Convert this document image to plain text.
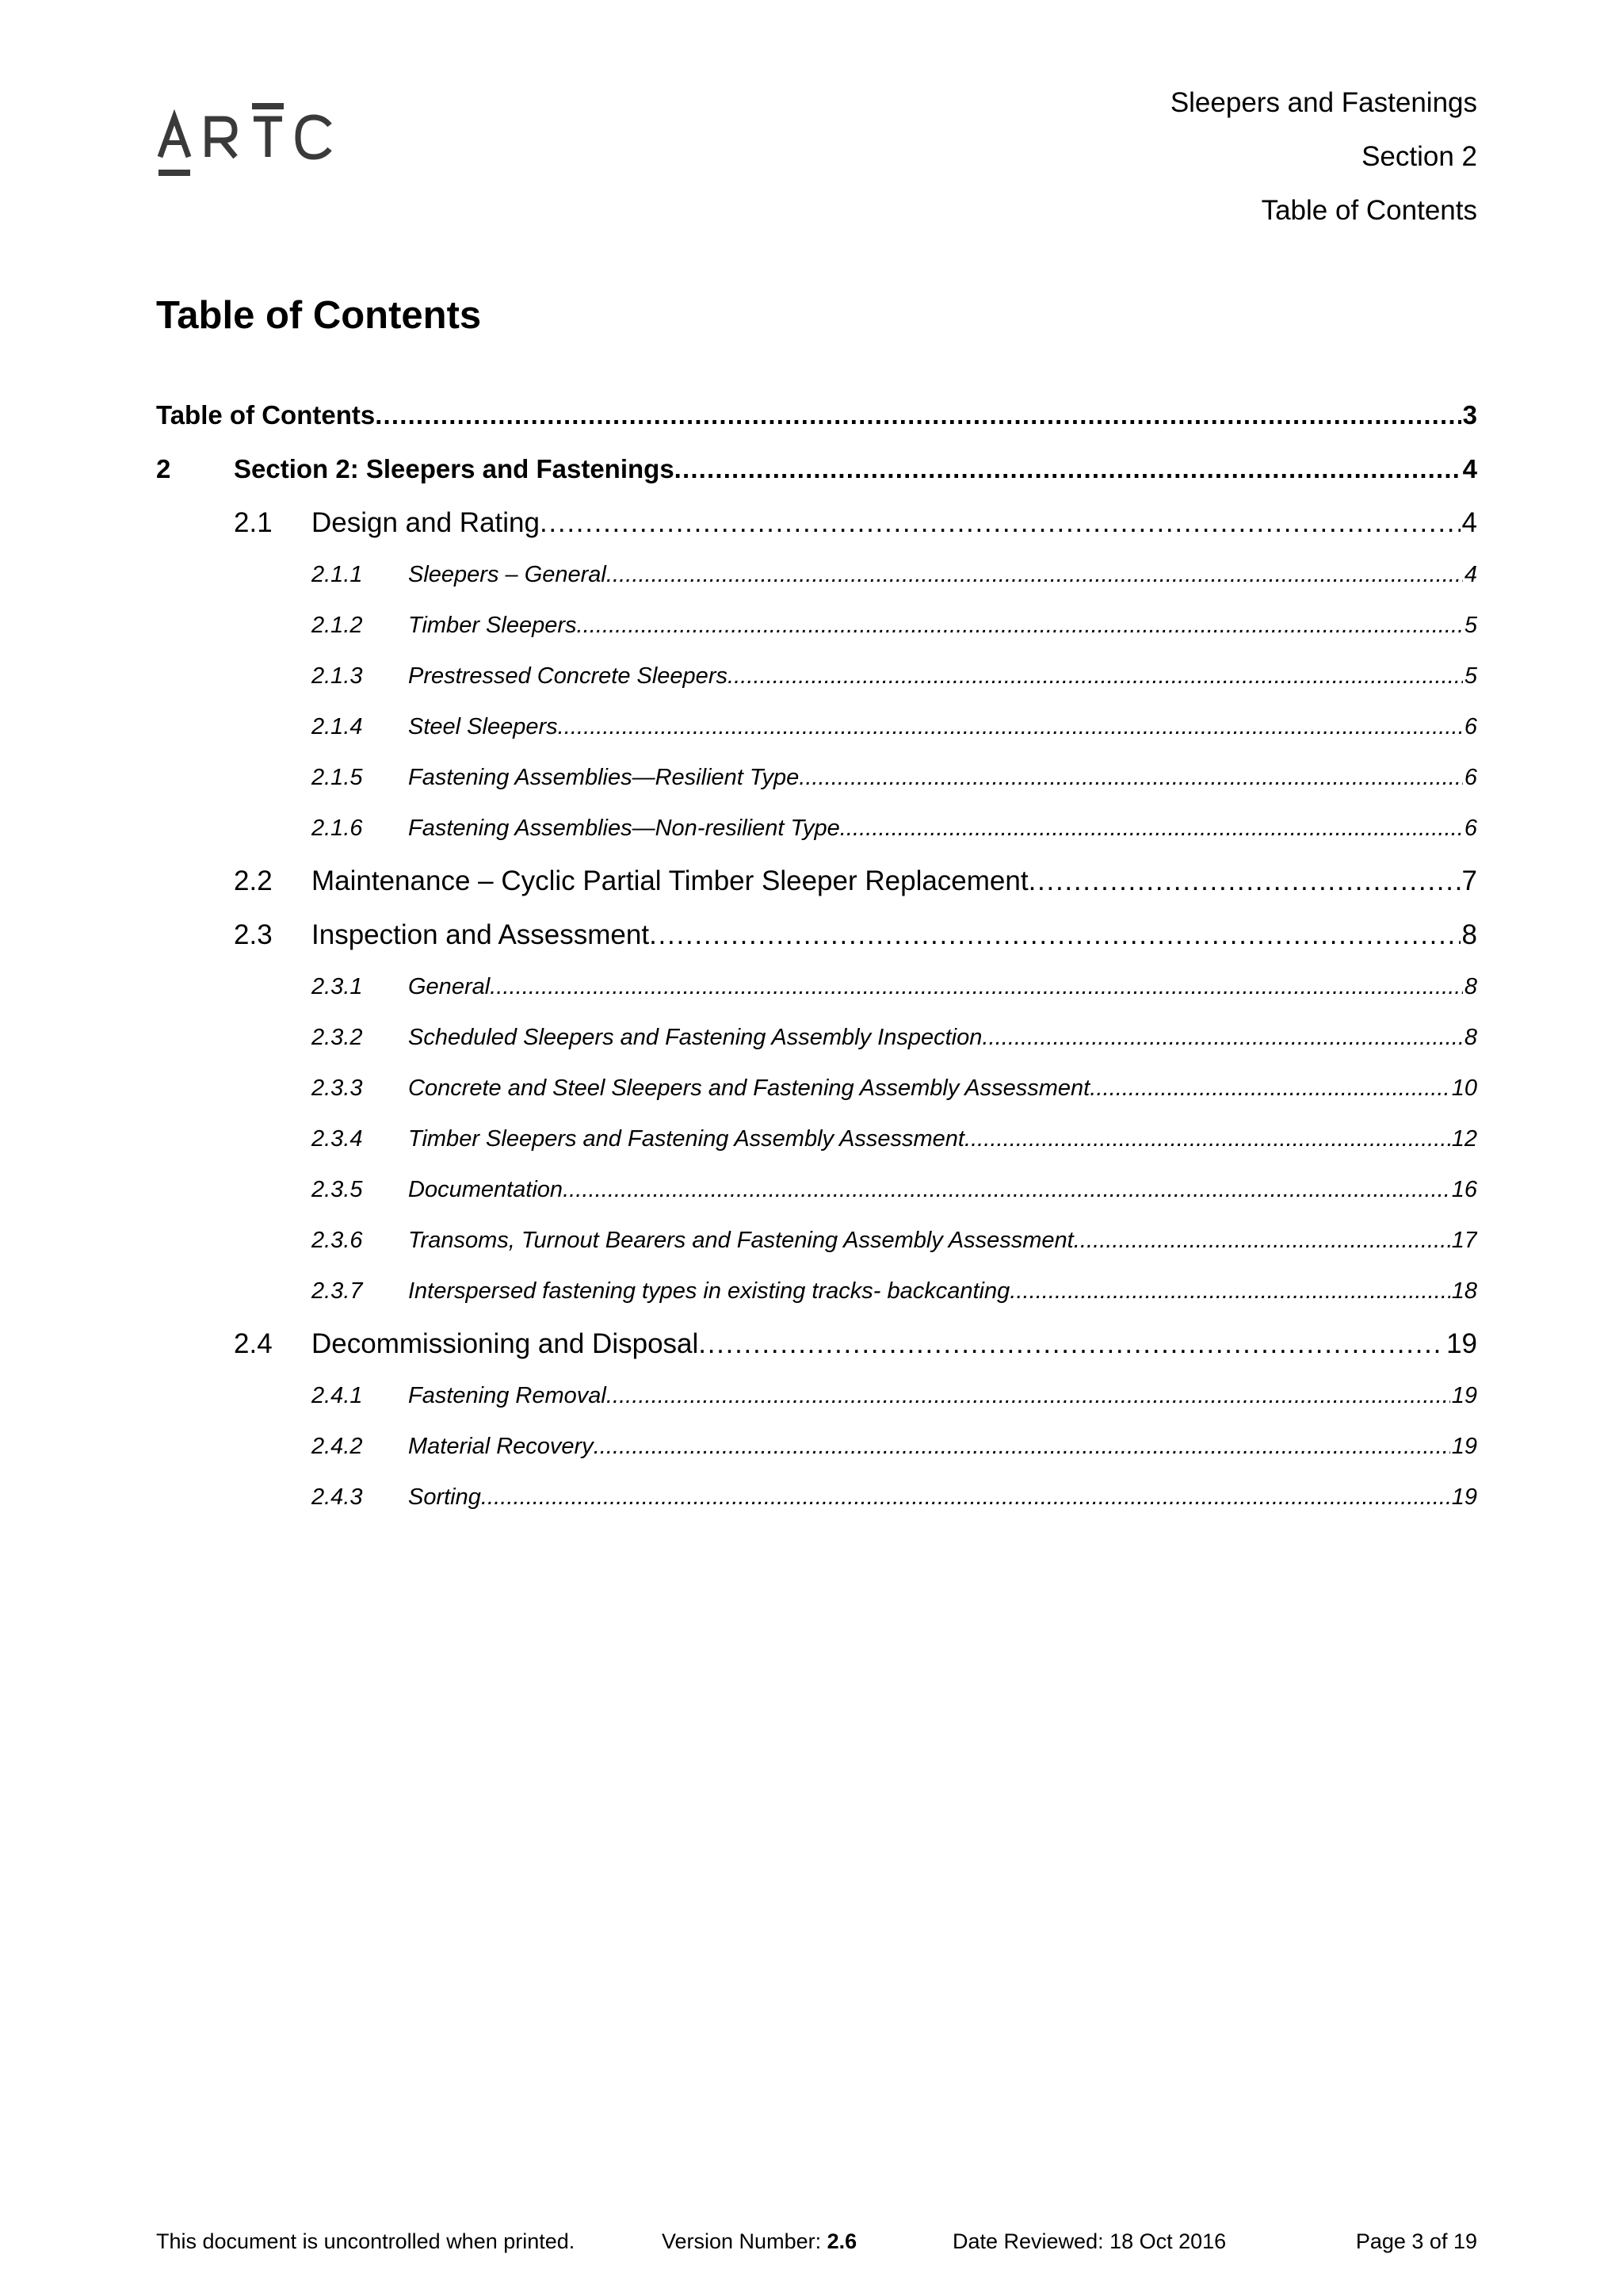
Sleepers and Fastenings
Section 2
Table of Contents
Table of Contents
Table of Contents . . .	3
2	Section 2: Sleepers and Fastenings . . .	4
2.1	Design and Rating . . .	4
2.1.1	Sleepers – General . . .	4
2.1.2	Timber Sleepers . . .	5
2.1.3	Prestressed Concrete Sleepers . . .	5
2.1.4	Steel Sleepers . . .	6
2.1.5	Fastening Assemblies—Resilient Type . . .	6
2.1.6	Fastening Assemblies—Non-resilient Type . . .	6
2.2	Maintenance – Cyclic Partial Timber Sleeper Replacement . . .	7
2.3	Inspection and Assessment . . .	8
2.3.1	General . . .	8
2.3.2	Scheduled Sleepers and Fastening Assembly Inspection . . .	8
2.3.3	Concrete and Steel Sleepers and Fastening Assembly Assessment . . .	10
2.3.4	Timber Sleepers and Fastening Assembly Assessment . . .	12
2.3.5	Documentation . . .	16
2.3.6	Transoms, Turnout Bearers and Fastening Assembly Assessment . . .	17
2.3.7	Interspersed fastening types in existing tracks- backcanting . . .	18
2.4	Decommissioning and Disposal . . .	19
2.4.1	Fastening Removal . . .	19
2.4.2	Material Recovery . . .	19
2.4.3	Sorting . . .	19
This document is uncontrolled when printed.	Version Number: 2.6	Date Reviewed: 18 Oct 2016	Page 3 of 19
